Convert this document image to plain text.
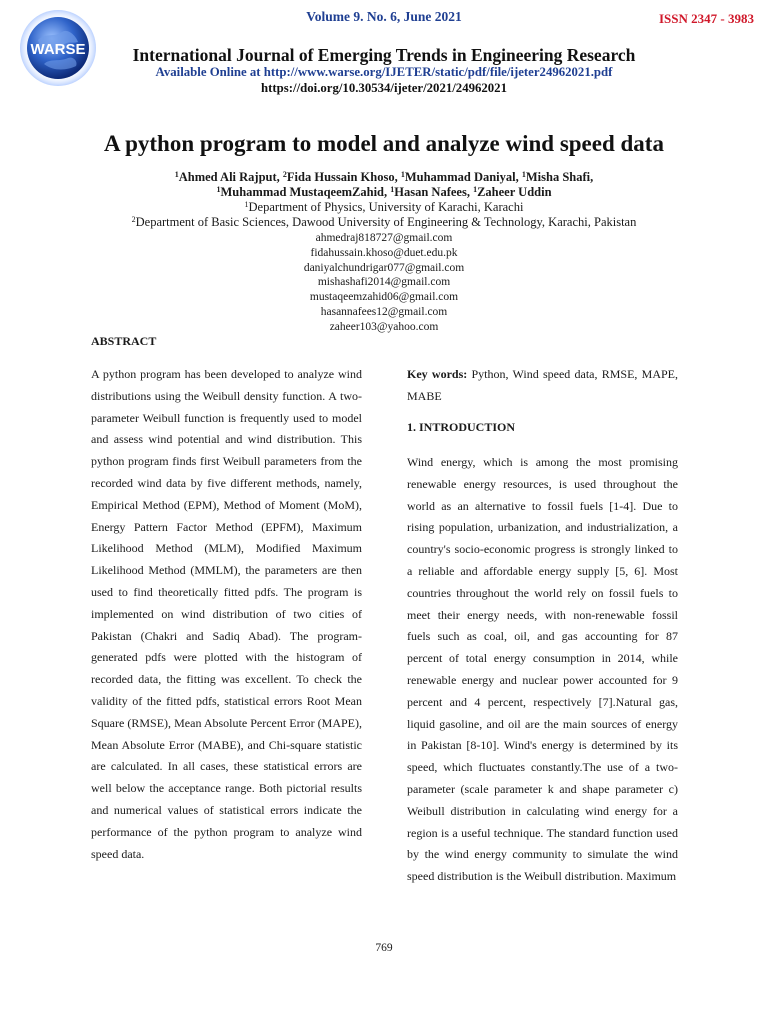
ISSN 2347 - 3983
Volume 9. No. 6, June 2021
WARSE	International Journal of Emerging Trends in Engineering Research
Available Online at http://www.warse.org/IJETER/static/pdf/file/ijeter24962021.pdf
https://doi.org/10.30534/ijeter/2021/24962021
A python program to model and analyze wind speed data
$^1$Ahmed Ali Rajput, $^2$Fida Hussain Khoso, $^1$Muhammad Daniyal, $^1$Misha Shafi,
$^1$Muhammad MustaqeemZahid, $^1$Hasan Nafees, $^1$Zaheer Uddin
$^1$Department of Physics, University of Karachi, Karachi
$^2$Department of Basic Sciences, Dawood University of Engineering & Technology, Karachi, Pakistan
ahmedraj818727@gmail.com
fidahussain.khoso@duet.edu.pk
daniyalchundrigar077@gmail.com
mishashafi2014@gmail.com
mustaqeemzahid06@gmail.com
hasannafees12@gmail.com
zaheer103@yahoo.com
ABSTRACT

A python program has been developed to analyze wind distributions using the Weibull density function. A two-parameter Weibull function is frequently used to model and assess wind potential and wind distribution. This python program finds first Weibull parameters from the recorded wind data by five different methods, namely, Empirical Method (EPM), Method of Moment (MoM), Energy Pattern Factor Method (EPFM), Maximum Likelihood Method (MLM), Modified Maximum Likelihood Method (MMLM), the parameters are then used to find theoretically fitted pdfs. The program is implemented on wind distribution of two cities of Pakistan (Chakri and Sadiq Abad). The program-generated pdfs were plotted with the histogram of recorded data, the fitting was excellent. To check the validity of the fitted pdfs, statistical errors Root Mean Square (RMSE), Mean Absolute Percent Error (MAPE), Mean Absolute Error (MABE), and Chi-square statistic are calculated. In all cases, these statistical errors are well below the acceptance range. Both pictorial results and numerical values of statistical errors indicate the performance of the python program to analyze wind speed data.

Key words: Python, Wind speed data, RMSE, MAPE, MABE

1. INTRODUCTION

Wind energy, which is among the most promising renewable energy resources, is used throughout the world as an alternative to fossil fuels [1-4]. Due to rising population, urbanization, and industrialization, a country's socio-economic progress is strongly linked to a reliable and affordable energy supply [5, 6]. Most countries throughout the world rely on fossil fuels to meet their energy needs, with non-renewable fossil fuels such as coal, oil, and gas accounting for 87 percent of total energy consumption in 2014, while renewable energy and nuclear power accounted for 9 percent and 4 percent, respectively [7].Natural gas, liquid gasoline, and oil are the main sources of energy in Pakistan [8-10]. Wind's energy is determined by its speed, which fluctuates constantly.The use of a two-parameter (scale parameter k and shape parameter c) Weibull distribution in calculating wind energy for a region is a useful technique. The standard function used by the wind energy community to simulate the wind speed distribution is the Weibull distribution. Maximum

769
